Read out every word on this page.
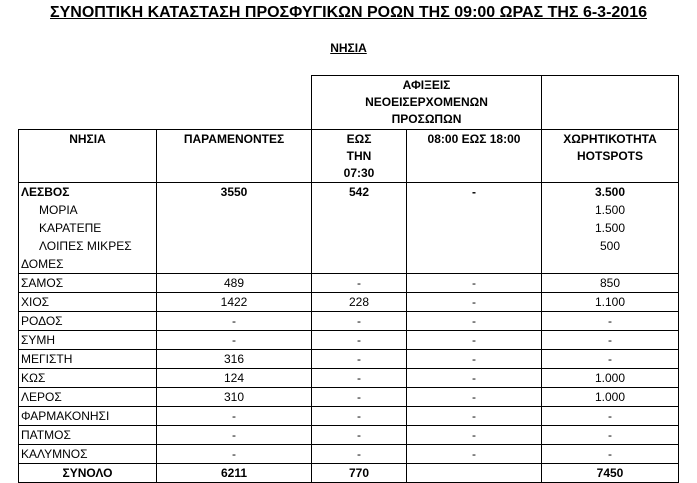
ΣΥΝΟΠΤΙΚΗ ΚΑΤΑΣΤΑΣΗ ΠΡΟΣΦΥΓΙΚΩΝ ΡΟΩΝ ΤΗΣ 09:00 ΩΡΑΣ ΤΗΣ 6-3-2016
ΝΗΣΙΑ
		ΑΦΙΞΕΙΣ ΝΕΟΕΙΣΕΡΧΟΜΕΝΩΝ ΠΡΟΣΩΠΩΝ		
ΝΗΣΙΑ	ΠΑΡΑΜΕΝΟΝΤΕΣ	ΕΩΣ ΤΗΝ 07:30	08:00 ΕΩΣ 18:00	ΧΩΡΗΤΙΚΟΤΗΤΑ HOTSPOTS
ΛΕΣΒΟΣ	3550	542	-	3.500
ΜΟΡΙΑ				1.500
ΚΑΡΑΤΕΠΕ				1.500
ΛΟΙΠΕΣ ΜΙΚΡΕΣ				500
ΔΟΜΕΣ				
ΣΑΜΟΣ	489	-	-	850
ΧΙΟΣ	1422	228	-	1.100
ΡΟΔΟΣ	-	-	-	-
ΣΥΜΗ	-	-	-	-
ΜΕΓΙΣΤΗ	316	-	-	-
ΚΩΣ	124	-	-	1.000
ΛΕΡΟΣ	310	-	-	1.000
ΦΑΡΜΑΚΟΝΗΣΙ	-	-	-	-
ΠΑΤΜΟΣ	-	-	-	-
ΚΑΛΥΜΝΟΣ	-	-	-	-
ΣΥΝΟΛΟ	6211	770		7450
